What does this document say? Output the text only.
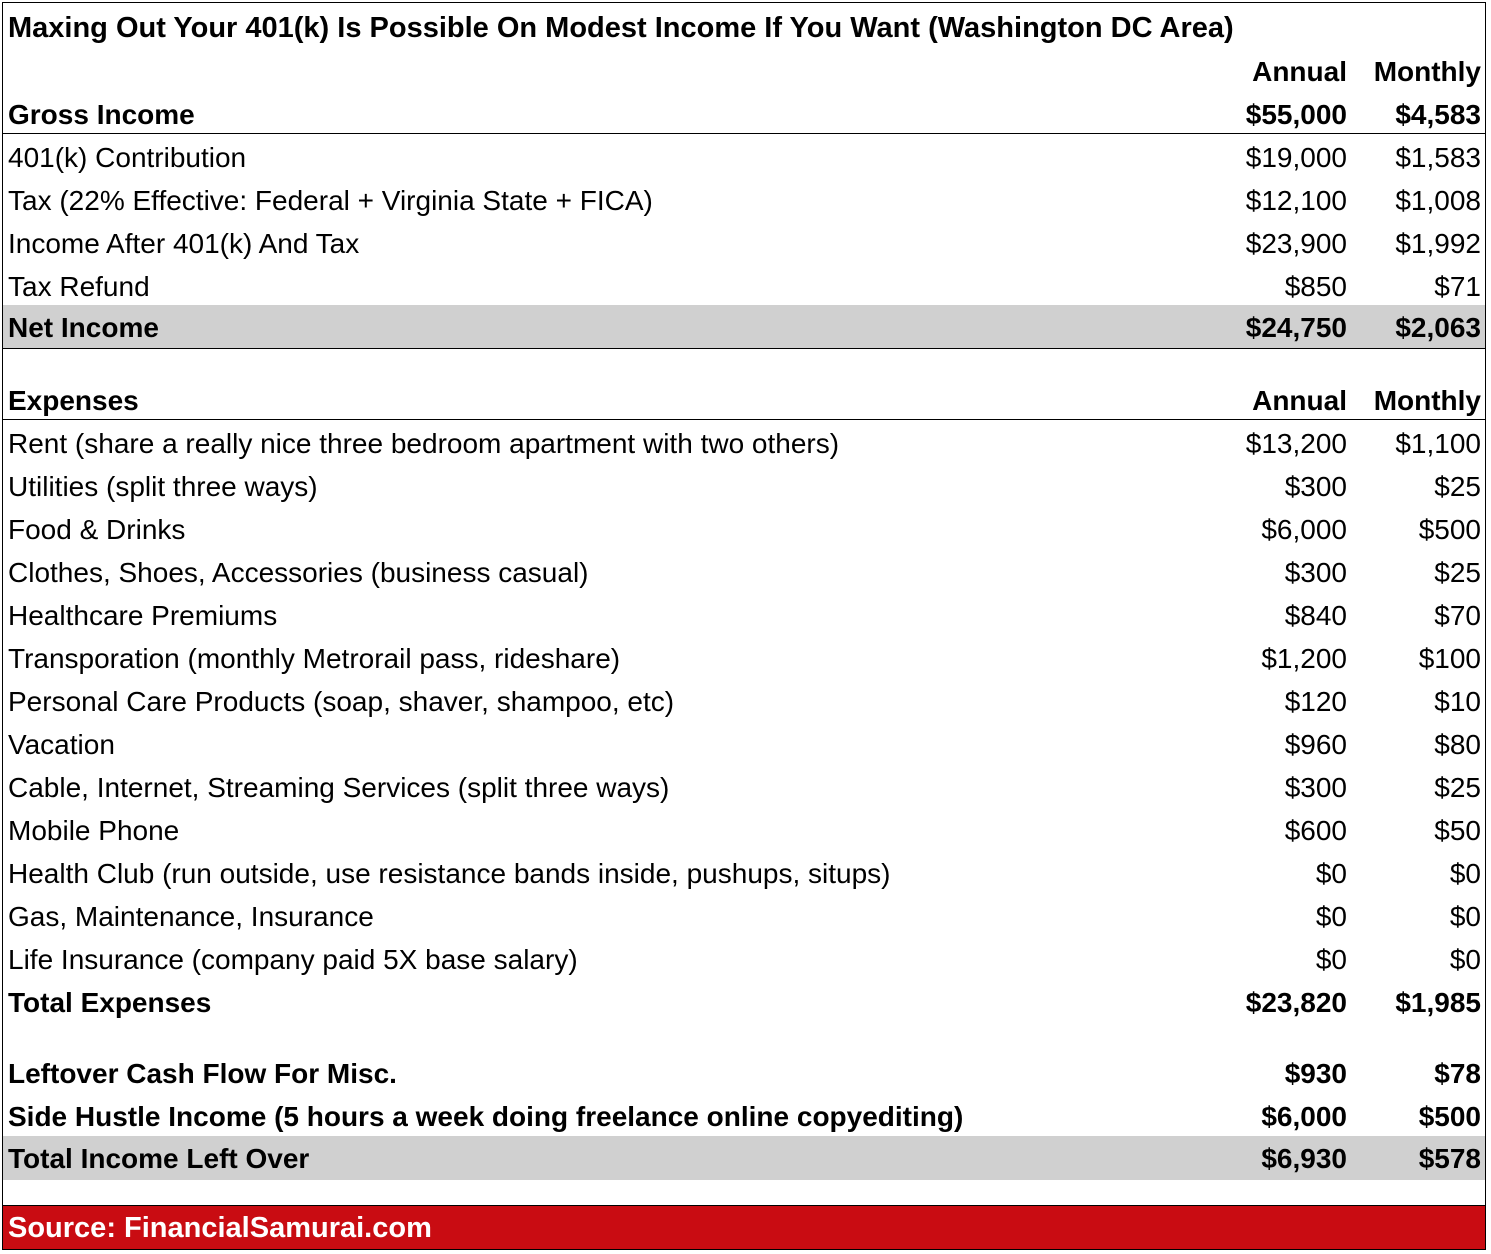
Maxing Out Your 401(k) Is Possible On Modest Income If You Want (Washington DC Area)
Annual Monthly
Gross Income	$55,000 $4,583
401(k) Contribution	$19,000 $1,583
Tax (22% Effective: Federal + Virginia State + FICA)	$12,100 $1,008
Income After 401(k) And Tax	$23,900 $1,992
Tax Refund	$850	$71
Net Income	$24,750 $2,063
Expenses	Annual Monthly
Rent (share a really nice three bedroom apartment with two others)	$13,200 $1,100
Utilities (split three ways)	$300	$25
Food & Drinks	$6,000	$500
Clothes, Shoes, Accessories (business casual)	$300	$25
Healthcare Premiums	$840	$70
Transporation (monthly Metrorail pass, rideshare)	$1,200	$100
Personal Care Products (soap, shaver, shampoo, etc)	$120	$10
Vacation	$960	$80
Cable, Internet, Streaming Services (split three ways)	$300	$25
Mobile Phone	$600	$50
Health Club (run outside, use resistance bands inside, pushups, situps)	$0	$0
Gas, Maintenance, Insurance	$0	$0
Life Insurance (company paid 5X base salary)	$0	$0
Total Expenses	$23,820 $1,985
Leftover Cash Flow For Misc.	$930	$78
Side Hustle Income (5 hours a week doing freelance online copyediting)	$6,000	$500
Total Income Left Over	$6,930	$578
Source: FinancialSamurai.com
